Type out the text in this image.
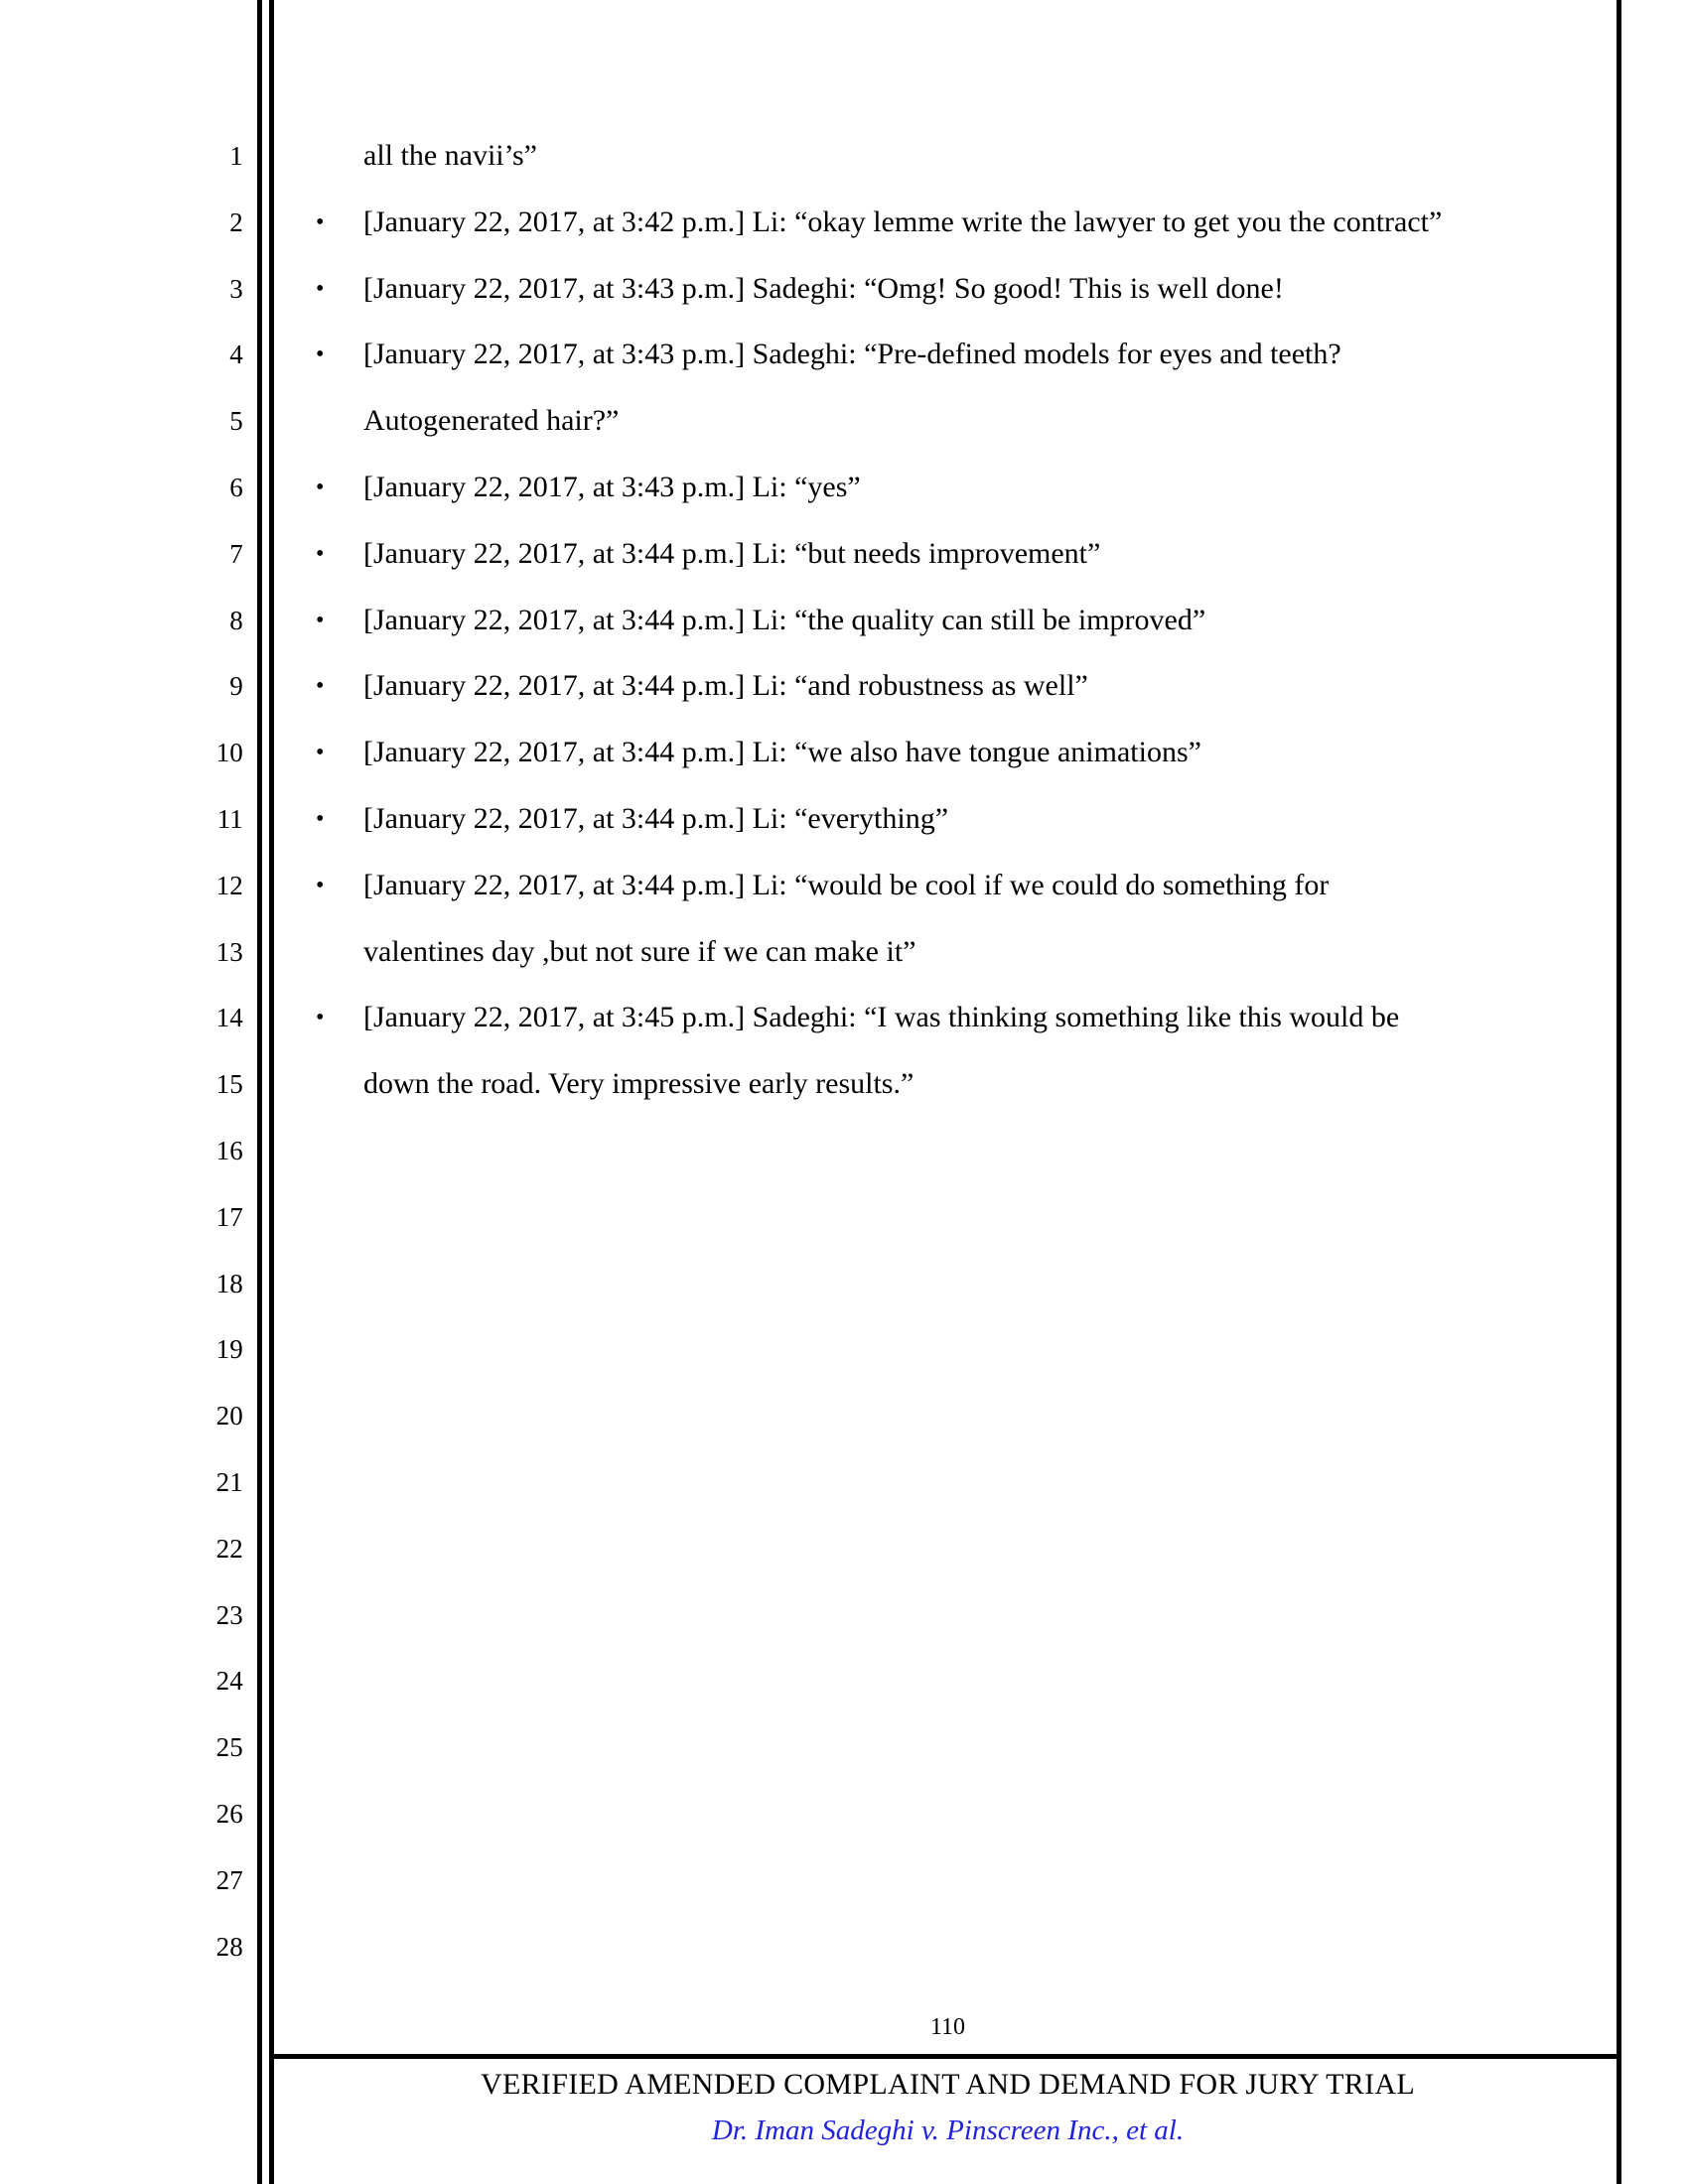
1
2
3
4
5
6
7
8
9
10
11
12
13
14
15
16
17
18
19
20
21
22
23
24
25
26
27
28
all the navii’s”
• [January 22, 2017, at 3:42 p.m.] Li: “okay lemme write the lawyer to get you the contract”
• [January 22, 2017, at 3:43 p.m.] Sadeghi: “Omg! So good! This is well done!
• [January 22, 2017, at 3:43 p.m.] Sadeghi: “Pre-defined models for eyes and teeth?
Autogenerated hair?”
• [January 22, 2017, at 3:43 p.m.] Li: “yes”
• [January 22, 2017, at 3:44 p.m.] Li: “but needs improvement”
• [January 22, 2017, at 3:44 p.m.] Li: “the quality can still be improved”
• [January 22, 2017, at 3:44 p.m.] Li: “and robustness as well”
• [January 22, 2017, at 3:44 p.m.] Li: “we also have tongue animations”
• [January 22, 2017, at 3:44 p.m.] Li: “everything”
• [January 22, 2017, at 3:44 p.m.] Li: “would be cool if we could do something for
valentines day ,but not sure if we can make it”
• [January 22, 2017, at 3:45 p.m.] Sadeghi: “I was thinking something like this would be
down the road. Very impressive early results.”
110
VERIFIED AMENDED COMPLAINT AND DEMAND FOR JURY TRIAL
Dr. Iman Sadeghi v. Pinscreen Inc., et al.
